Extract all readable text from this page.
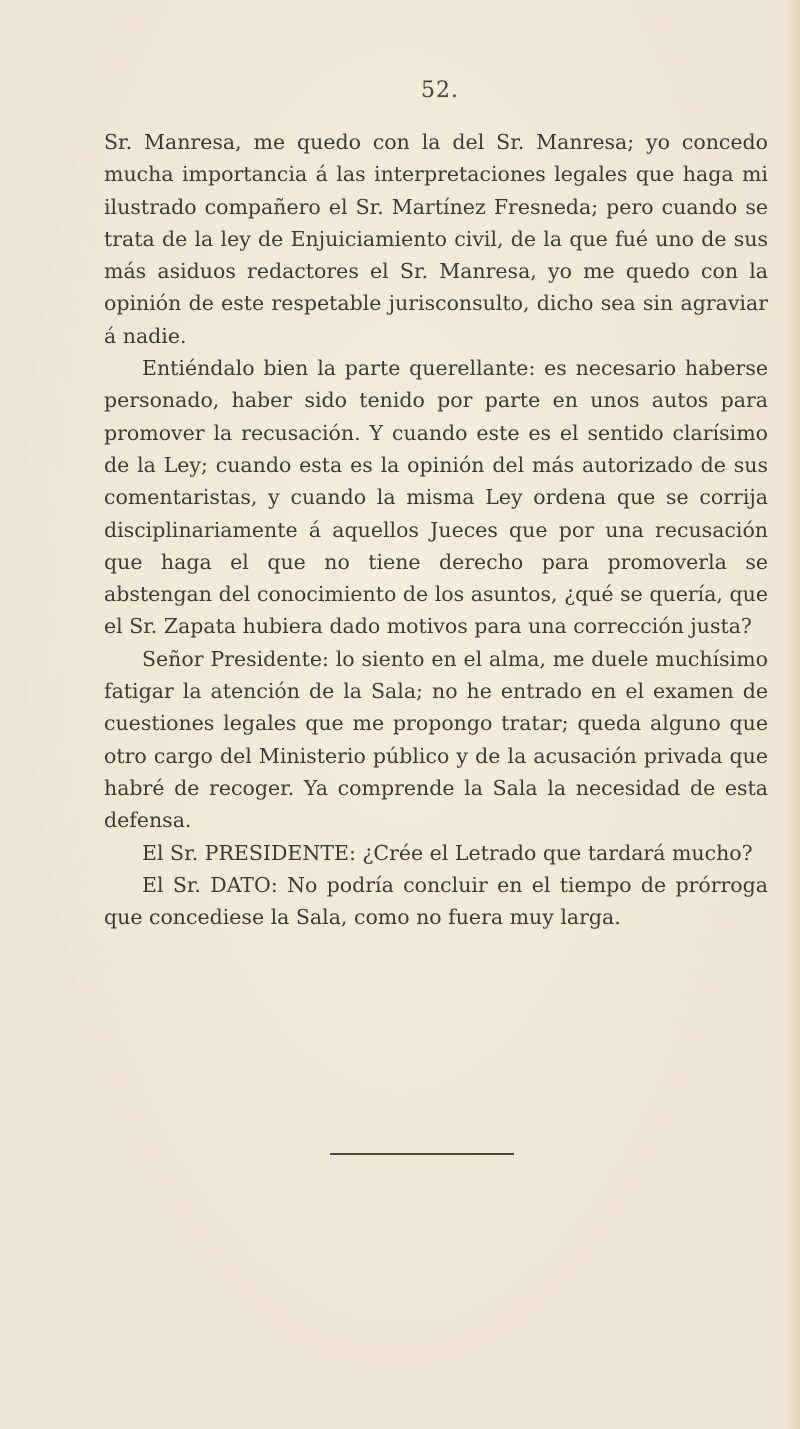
52.

Sr. Manresa, me quedo con la del Sr. Manresa; yo concedo mucha importancia á las interpretaciones legales que haga mi ilustrado compañero el Sr. Martínez Fresneda; pero cuando se trata de la ley de Enjuiciamiento civil, de la que fué uno de sus más asiduos redactores el Sr. Manresa, yo me quedo con la opinión de este respetable jurisconsulto, dicho sea sin agraviar á nadie.

Entiéndalo bien la parte querellante: es necesario haberse personado, haber sido tenido por parte en unos autos para promover la recusación. Y cuando este es el sentido clarísimo de la Ley; cuando esta es la opinión del más autorizado de sus comentaristas, y cuando la misma Ley ordena que se corrija disciplinariamente á aquellos Jueces que por una recusación que haga el que no tiene derecho para promoverla se abstengan del conocimiento de los asuntos, ¿qué se quería, que el Sr. Zapata hubiera dado motivos para una corrección justa?

Señor Presidente: lo siento en el alma, me duele muchísimo fatigar la atención de la Sala; no he entrado en el examen de cuestiones legales que me propongo tratar; queda alguno que otro cargo del Ministerio público y de la acusación privada que habré de recoger. Ya comprende la Sala la necesidad de esta defensa.

El Sr. PRESIDENTE: ¿Crée el Letrado que tardará mucho?

El Sr. DATO: No podría concluir en el tiempo de prórroga que concediese la Sala, como no fuera muy larga.
